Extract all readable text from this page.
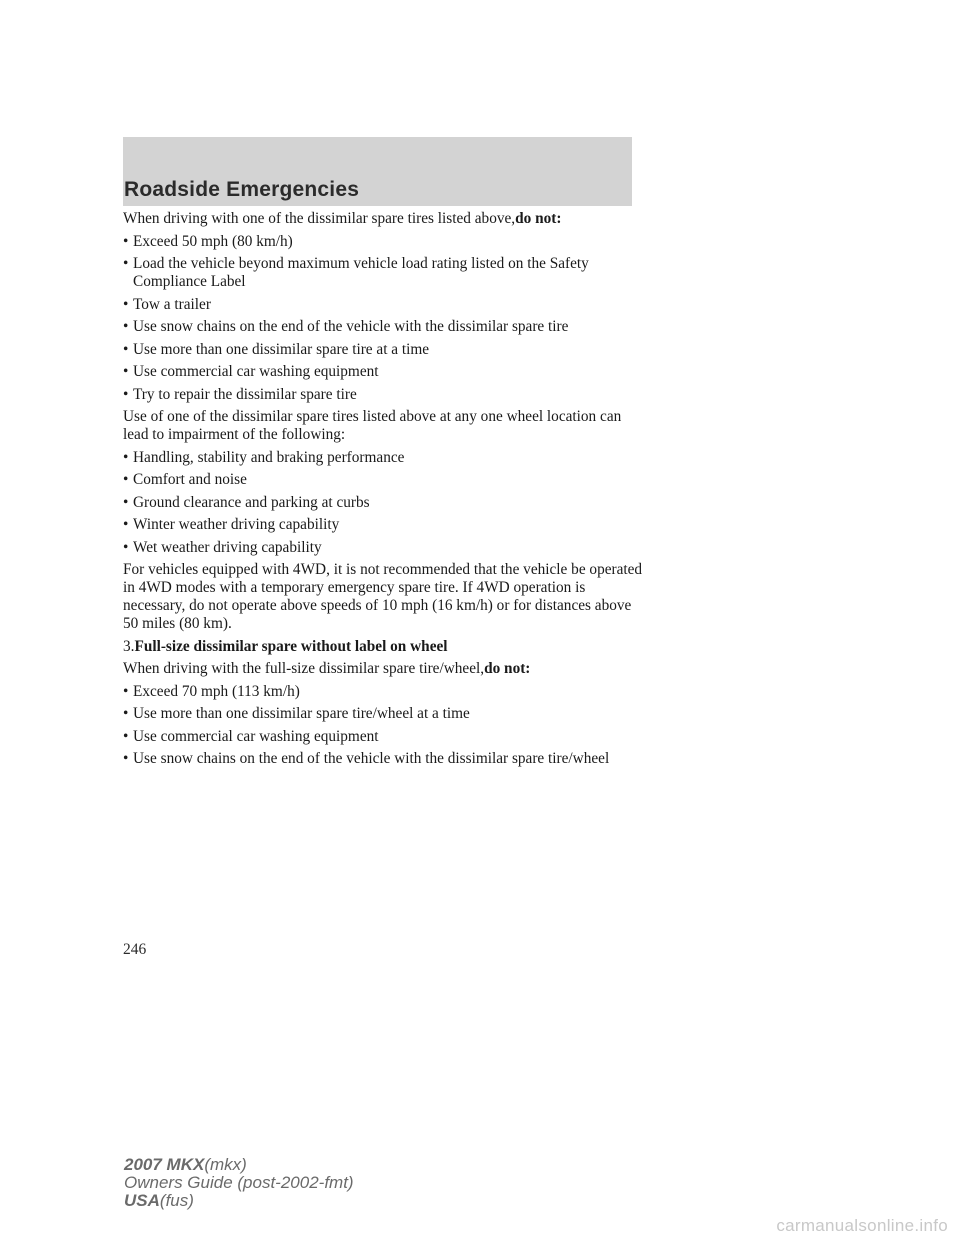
Roadside Emergencies

When driving with one of the dissimilar spare tires listed above,do not:

• Exceed 50 mph (80 km/h)
• Load the vehicle beyond maximum vehicle load rating listed on the Safety Compliance Label
• Tow a trailer
• Use snow chains on the end of the vehicle with the dissimilar spare tire
• Use more than one dissimilar spare tire at a time
• Use commercial car washing equipment
• Try to repair the dissimilar spare tire

Use of one of the dissimilar spare tires listed above at any one wheel location can lead to impairment of the following:

• Handling, stability and braking performance
• Comfort and noise
• Ground clearance and parking at curbs
• Winter weather driving capability
• Wet weather driving capability

For vehicles equipped with 4WD, it is not recommended that the vehicle be operated in 4WD modes with a temporary emergency spare tire. If 4WD operation is necessary, do not operate above speeds of 10 mph (16 km/h) or for distances above 50 miles (80 km).

3.Full-size dissimilar spare without label on wheel

When driving with the full-size dissimilar spare tire/wheel,do not:

• Exceed 70 mph (113 km/h)
• Use more than one dissimilar spare tire/wheel at a time
• Use commercial car washing equipment
• Use snow chains on the end of the vehicle with the dissimilar spare tire/wheel
246
2007 MKX(mkx)
Owners Guide (post-2002-fmt)
USA(fus)
carmanualsonline.info
